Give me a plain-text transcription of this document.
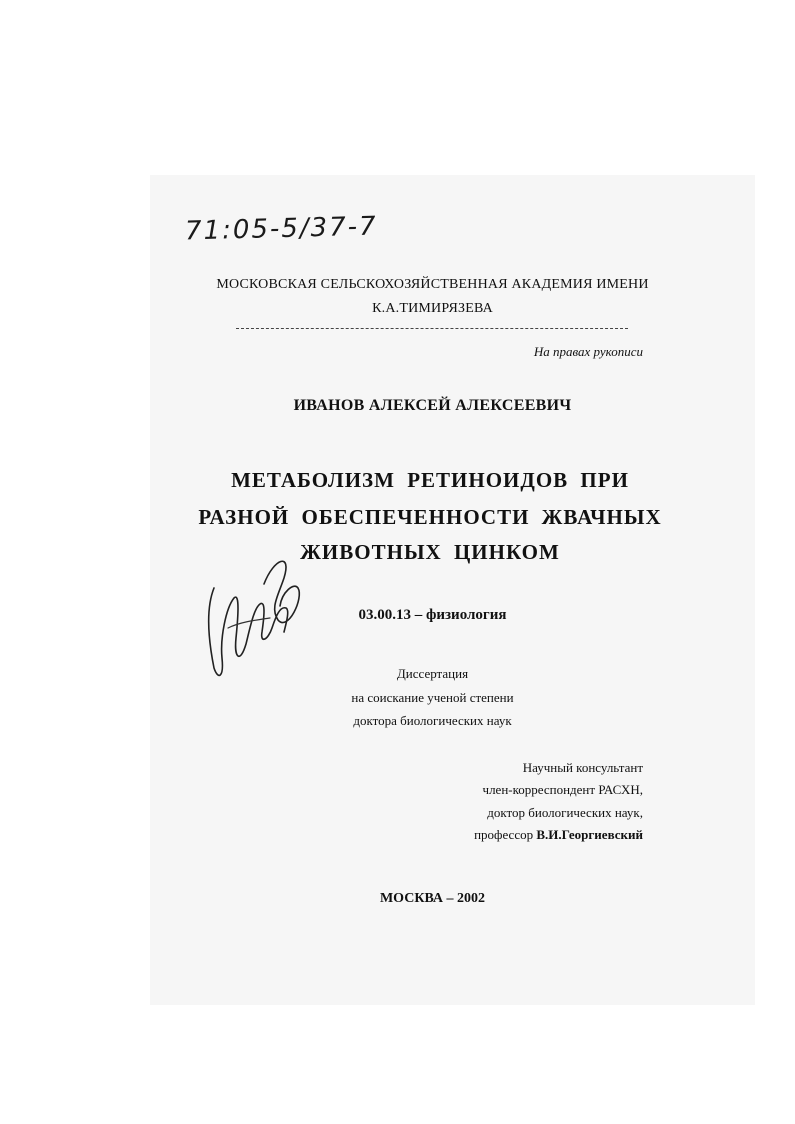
71:05-5/37-7
МОСКОВСКАЯ СЕЛЬСКОХОЗЯЙСТВЕННАЯ АКАДЕМИЯ ИМЕНИ
К.А.ТИМИРЯЗЕВА
На правах рукописи
ИВАНОВ АЛЕКСЕЙ АЛЕКСЕЕВИЧ
МЕТАБОЛИЗМ РЕТИНОИДОВ ПРИ
РАЗНОЙ ОБЕСПЕЧЕННОСТИ ЖВАЧНЫХ
ЖИВОТНЫХ ЦИНКОМ
03.00.13 – физиология
Диссертация
на соискание ученой степени
доктора биологических наук
Научный консультант
член-корреспондент РАСХН,
доктор биологических наук,
профессор В.И.Георгиевский
МОСКВА – 2002
